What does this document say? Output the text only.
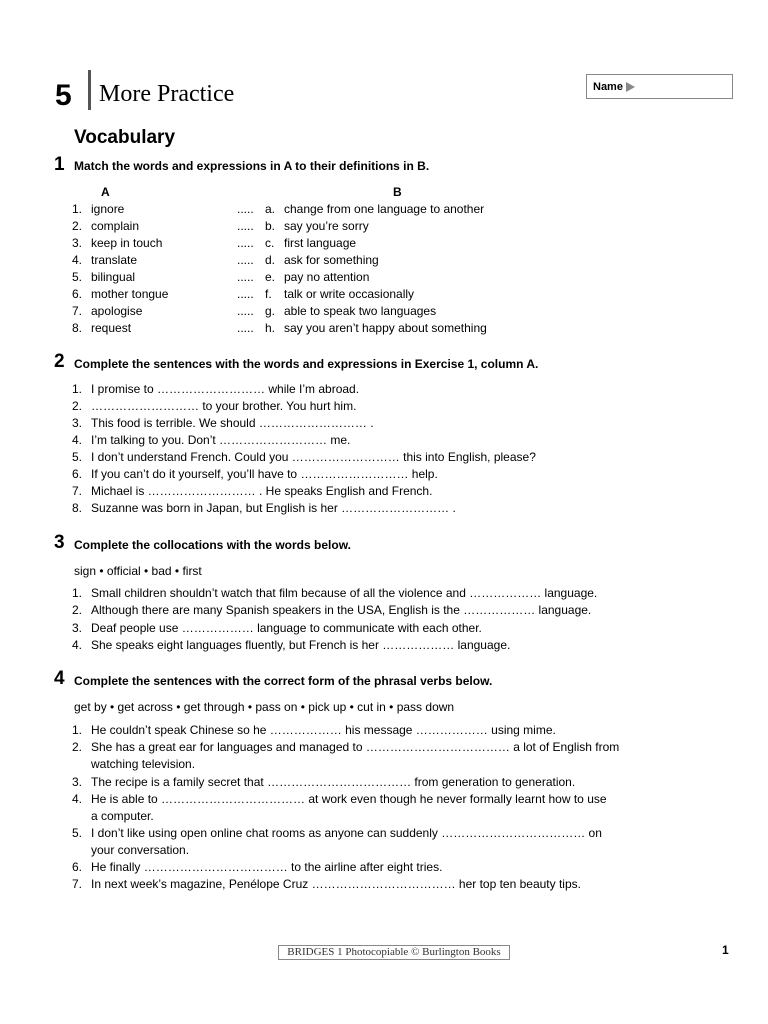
5 More Practice	Name
Vocabulary
1 Match the words and expressions in A to their definitions in B.
A	B
1. ignore	..... a. change from one language to another
2. complain	..... b. say you’re sorry
3. keep in touch	..... c. first language
4. translate	..... d. ask for something
5. bilingual	..... e. pay no attention
6. mother tongue	..... f. talk or write occasionally
7. apologise	..... g. able to speak two languages
8. request	..... h. say you aren’t happy about something
2 Complete the sentences with the words and expressions in Exercise 1, column A.
1. I promise to ……………………… while I’m abroad.
2. ……………………… to your brother. You hurt him.
3. This food is terrible. We should ……………………… .
4. I’m talking to you. Don’t ……………………… me.
5. I don’t understand French. Could you ……………………… this into English, please?
6. If you can’t do it yourself, you’ll have to ……………………… help.
7. Michael is ……………………… . He speaks English and French.
8. Suzanne was born in Japan, but English is her ……………………… .
3 Complete the collocations with the words below.
sign • official • bad • first
1. Small children shouldn’t watch that film because of all the violence and ……………… language.
2. Although there are many Spanish speakers in the USA, English is the ……………… language.
3. Deaf people use ……………… language to communicate with each other.
4. She speaks eight languages fluently, but French is her ……………… language.
4 Complete the sentences with the correct form of the phrasal verbs below.
get by • get across • get through • pass on • pick up • cut in • pass down
1. He couldn’t speak Chinese so he ……………… his message ……………… using mime.
2. She has a great ear for languages and managed to ……………………………… a lot of English from
watching television.
3. The recipe is a family secret that ……………………………… from generation to generation.
4. He is able to ……………………………… at work even though he never formally learnt how to use
a computer.
5. I don’t like using open online chat rooms as anyone can suddenly ……………………………… on
your conversation.
6. He finally ……………………………… to the airline after eight tries.
7. In next week’s magazine, Penélope Cruz ……………………………… her top ten beauty tips.
BRIDGES 1 Photocopiable © Burlington Books	1
